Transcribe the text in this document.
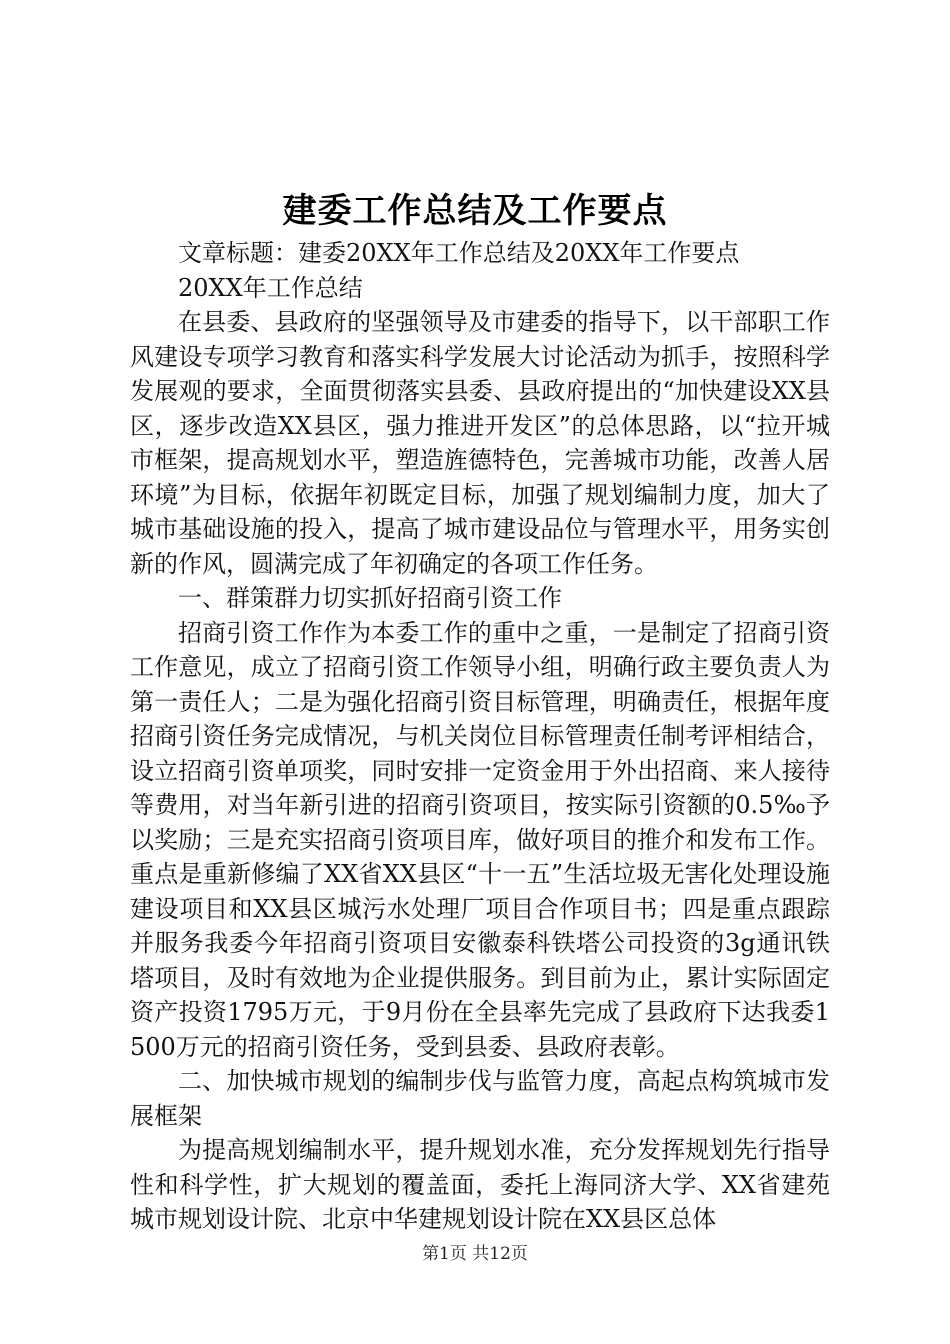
建委工作总结及工作要点

文章标题：建委20XX年工作总结及20XX年工作要点

20XX年工作总结

在县委、县政府的坚强领导及市建委的指导下，以干部职工作风建设专项学习教育和落实科学发展大讨论活动为抓手，按照科学发展观的要求，全面贯彻落实县委、县政府提出的“加快建设XX县区，逐步改造XX县区，强力推进开发区”的总体思路，以“拉开城市框架，提高规划水平，塑造旌德特色，完善城市功能，改善人居环境”为目标，依据年初既定目标，加强了规划编制力度，加大了城市基础设施的投入，提高了城市建设品位与管理水平，用务实创新的作风，圆满完成了年初确定的各项工作任务。

一、群策群力切实抓好招商引资工作

招商引资工作作为本委工作的重中之重，一是制定了招商引资工作意见，成立了招商引资工作领导小组，明确行政主要负责人为第一责任人；二是为强化招商引资目标管理，明确责任，根据年度招商引资任务完成情况，与机关岗位目标管理责任制考评相结合，设立招商引资单项奖，同时安排一定资金用于外出招商、来人接待等费用，对当年新引进的招商引资项目，按实际引资额的0.5‰予以奖励；三是充实招商引资项目库，做好项目的推介和发布工作。重点是重新修编了XX省XX县区“十一五”生活垃圾无害化处理设施建设项目和XX县区城污水处理厂项目合作项目书；四是重点跟踪并服务我委今年招商引资项目安徽泰科铁塔公司投资的3g通讯铁塔项目，及时有效地为企业提供服务。到目前为止，累计实际固定资产投资1795万元，于9月份在全县率先完成了县政府下达我委1500万元的招商引资任务，受到县委、县政府表彰。

二、加快城市规划的编制步伐与监管力度，高起点构筑城市发展框架

为提高规划编制水平，提升规划水准，充分发挥规划先行指导性和科学性，扩大规划的覆盖面，委托上海同济大学、XX省建苑城市规划设计院、北京中华建规划设计院在XX县区总体

第1页 共12页
